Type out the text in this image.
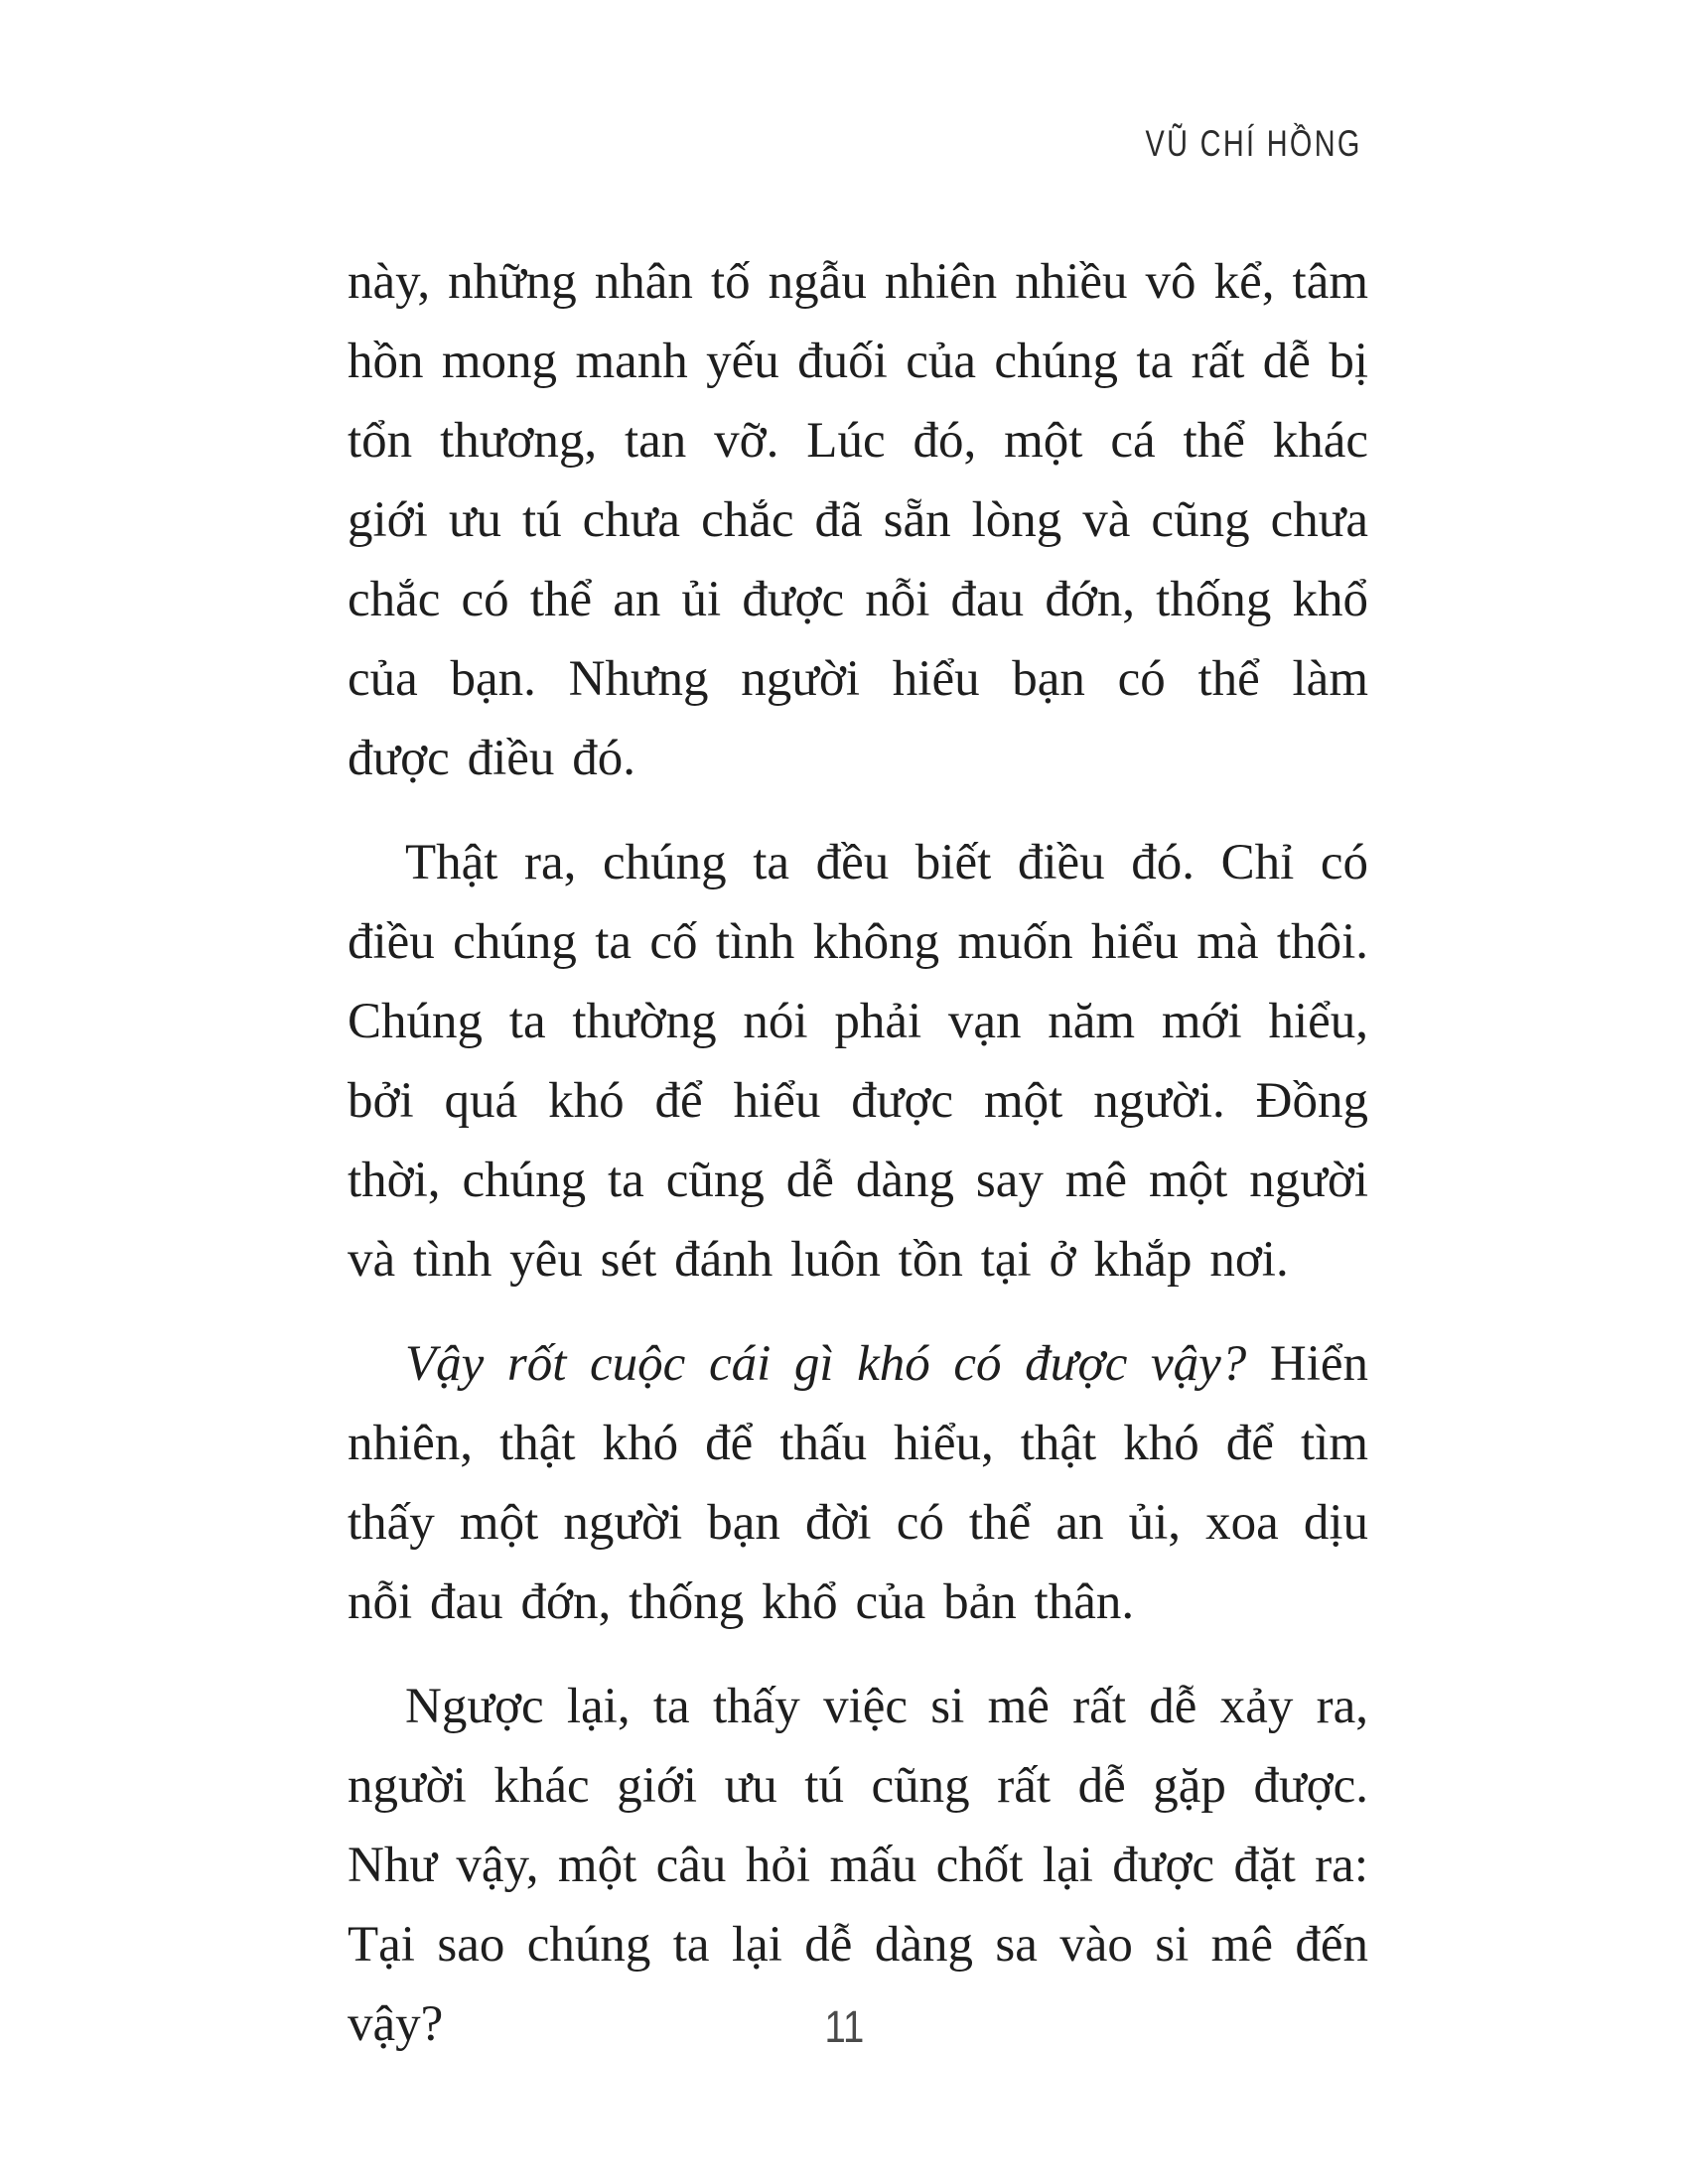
VŨ CHÍ HỒNG

này, những nhân tố ngẫu nhiên nhiều vô kể, tâm hồn mong manh yếu đuối của chúng ta rất dễ bị tổn thương, tan vỡ. Lúc đó, một cá thể khác giới ưu tú chưa chắc đã sẵn lòng và cũng chưa chắc có thể an ủi được nỗi đau đớn, thống khổ của bạn. Nhưng người hiểu bạn có thể làm được điều đó.

Thật ra, chúng ta đều biết điều đó. Chỉ có điều chúng ta cố tình không muốn hiểu mà thôi. Chúng ta thường nói phải vạn năm mới hiểu, bởi quá khó để hiểu được một người. Đồng thời, chúng ta cũng dễ dàng say mê một người và tình yêu sét đánh luôn tồn tại ở khắp nơi.

Vậy rốt cuộc cái gì khó có được vậy? Hiển nhiên, thật khó để thấu hiểu, thật khó để tìm thấy một người bạn đời có thể an ủi, xoa dịu nỗi đau đớn, thống khổ của bản thân.

Ngược lại, ta thấy việc si mê rất dễ xảy ra, người khác giới ưu tú cũng rất dễ gặp được. Như vậy, một câu hỏi mấu chốt lại được đặt ra: Tại sao chúng ta lại dễ dàng sa vào si mê đến vậy?	11
